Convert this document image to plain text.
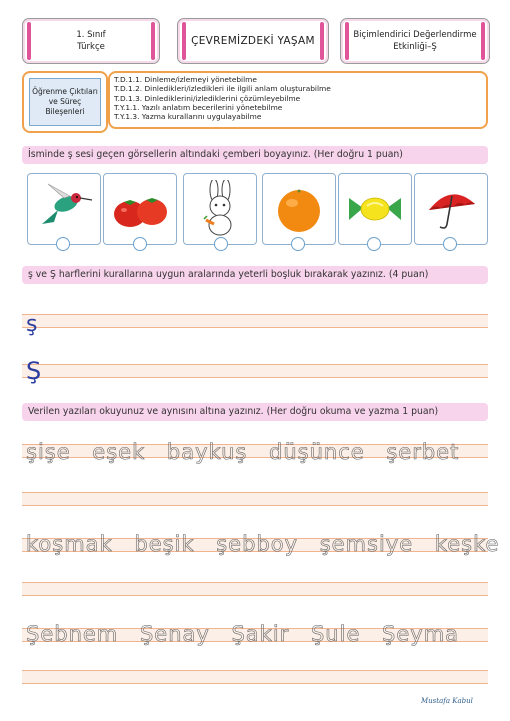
1. Sınıf
Türkçe	ÇEVREMİZDEKİ YAŞAM	Biçimlendirici Değerlendirme
Etkinliği–Ş
Öğrenme Çıktıları ve Süreç Bileşenleri
T.D.1.1. Dinleme/izlemeyi yönetebilme
T.D.1.2. Dinledikleri/izledikleri ile ilgili anlam oluşturabilme
T.D.1.3. Dinlediklerini/izlediklerini çözümleyebilme
T.Y.1.1. Yazılı anlatım becerilerini yönetebilme
T.Y.1.3. Yazma kurallarını uygulayabilme
İsminde ş sesi geçen görsellerin altındaki çemberi boyayınız. (Her doğru 1 puan)
ş ve Ş harflerini kurallarına uygun aralarında yeterli boşluk bırakarak yazınız. (4 puan)
ş
Ş
Verilen yazıları okuyunuz ve aynısını altına yazınız. (Her doğru okuma ve yazma 1 puan)
şişe eşek baykuş düşünce şerbet
koşmak beşik şebboy şemsiye keşke
Şebnem Şenay Şakir Şule Şeyma
Mustafa Kabul
